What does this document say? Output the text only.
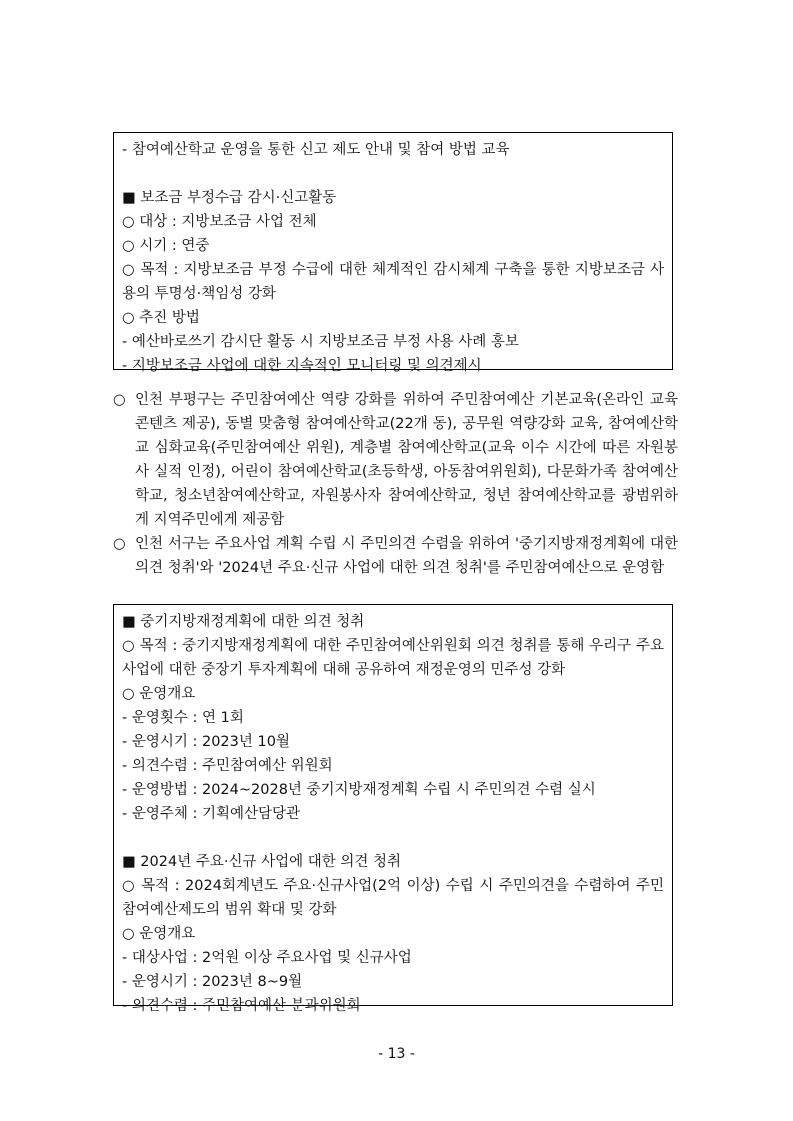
- 참여예산학교 운영을 통한 신고 제도 안내 및 참여 방법 교육
■ 보조금 부정수급 감시·신고활동
○ 대상 : 지방보조금 사업 전체
○ 시기 : 연중
○ 목적 : 지방보조금 부정 수급에 대한 체계적인 감시체계 구축을 통한 지방보조금 사용의 투명성·책임성 강화
○ 추진 방법
- 예산바로쓰기 감시단 활동 시 지방보조금 부정 사용 사례 홍보
- 지방보조금 사업에 대한 지속적인 모니터링 및 의견제시
○ 인천 부평구는 주민참여예산 역량 강화를 위하여 주민참여예산 기본교육(온라인 교육 콘텐츠 제공), 동별 맞춤형 참여예산학교(22개 동), 공무원 역량강화 교육, 참여예산학교 심화교육(주민참여예산 위원), 계층별 참여예산학교(교육 이수 시간에 따른 자원봉사 실적 인정), 어린이 참여예산학교(초등학생, 아동참여위원회), 다문화가족 참여예산학교, 청소년참여예산학교, 자원봉사자 참여예산학교, 청년 참여예산학교를 광범위하게 지역주민에게 제공함
○ 인천 서구는 주요사업 계획 수립 시 주민의견 수렴을 위하여 '중기지방재정계획에 대한 의견 청취'와 '2024년 주요·신규 사업에 대한 의견 청취'를 주민참여예산으로 운영함
■ 중기지방재정계획에 대한 의견 청취
○ 목적 : 중기지방재정계획에 대한 주민참여예산위원회 의견 청취를 통해 우리구 주요사업에 대한 중장기 투자계획에 대해 공유하여 재정운영의 민주성 강화
○ 운영개요
- 운영횟수 : 연 1회
- 운영시기 : 2023년 10월
- 의견수렴 : 주민참여예산 위원회
- 운영방법 : 2024~2028년 중기지방재정계획 수립 시 주민의견 수렴 실시
- 운영주체 : 기획예산담당관
■ 2024년 주요·신규 사업에 대한 의견 청취
○ 목적 : 2024회계년도 주요·신규사업(2억 이상) 수립 시 주민의견을 수렴하여 주민참여예산제도의 범위 확대 및 강화
○ 운영개요
- 대상사업 : 2억원 이상 주요사업 및 신규사업
- 운영시기 : 2023년 8~9월
- 의견수렴 : 주민참여예산 분과위원회
- 13 -
